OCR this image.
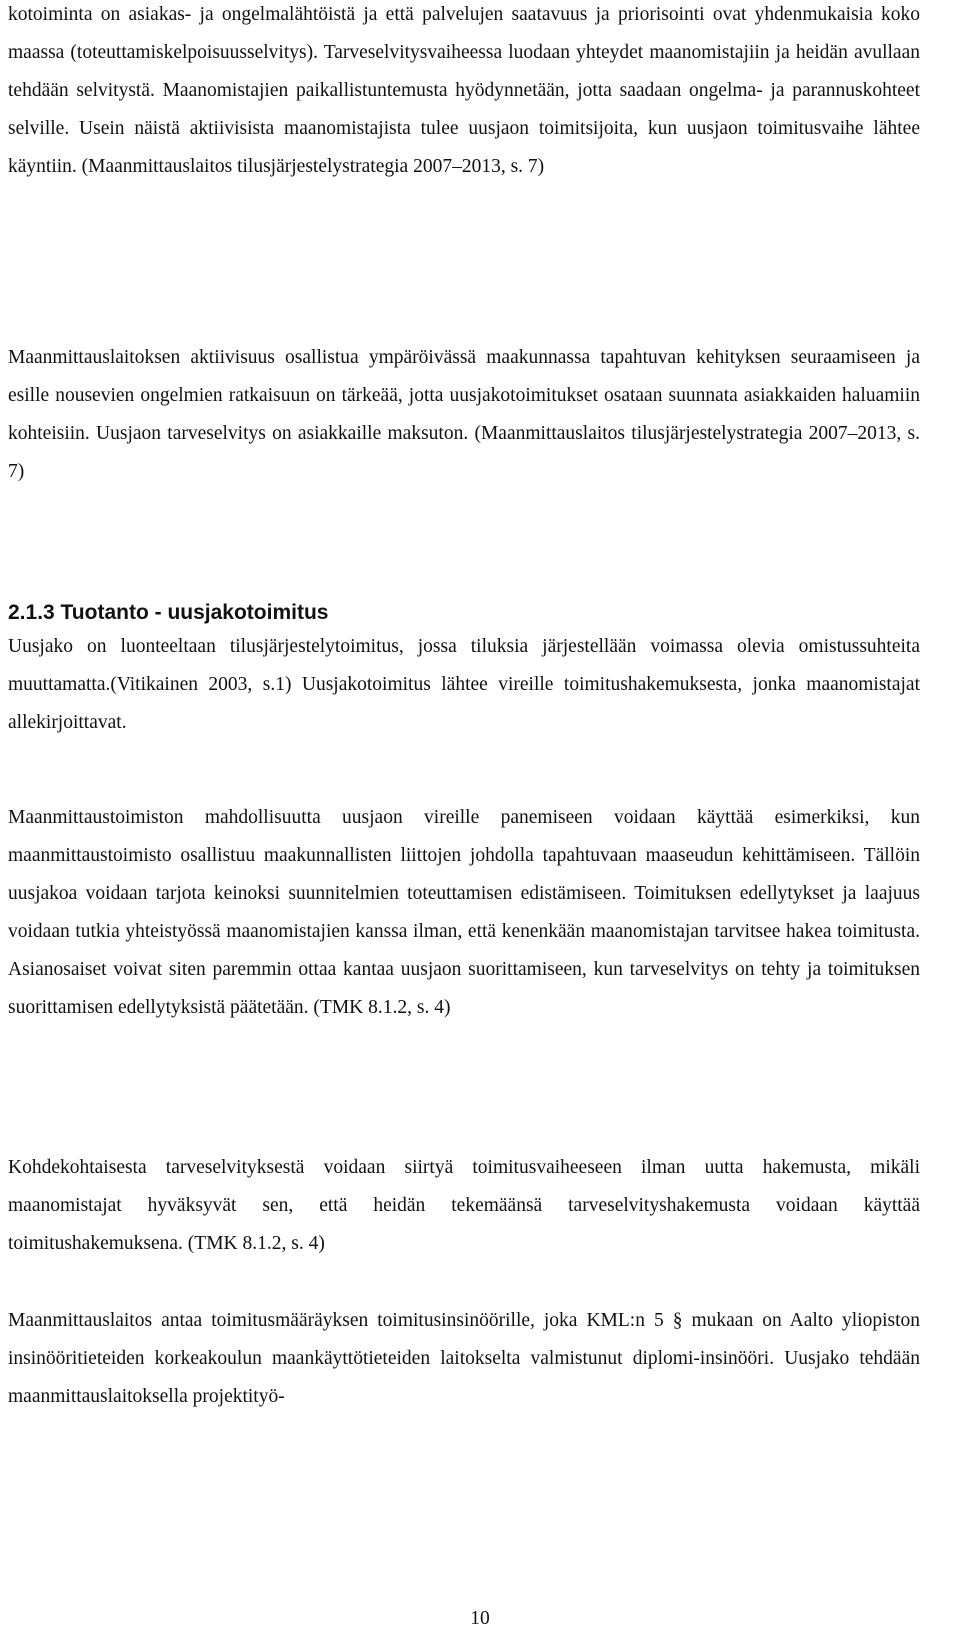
kotoiminta on asiakas- ja ongelmalähtöistä ja että palvelujen saatavuus ja priorisointi ovat yhdenmukaisia koko maassa (toteuttamiskelpoisuusselvitys). Tarveselvitysvaiheessa luodaan yhteydet maanomistajiin ja heidän avullaan tehdään selvitystä. Maanomistajien paikallistuntemusta hyödynnetään, jotta saadaan ongelma- ja parannuskohteet selville. Usein näistä aktiivisista maanomistajista tulee uusjaon toimitsijoita, kun uusjaon toimitusvaihe lähtee käyntiin. (Maanmittauslaitos tilusjärjestelystrategia 2007–2013, s. 7)

Maanmittauslaitoksen aktiivisuus osallistua ympäröivässä maakunnassa tapahtuvan kehityksen seuraamiseen ja esille nousevien ongelmien ratkaisuun on tärkeää, jotta uusjakotoimitukset osataan suunnata asiakkaiden haluamiin kohteisiin. Uusjaon tarveselvitys on asiakkaille maksuton. (Maanmittauslaitos tilusjärjestelystrategia 2007–2013, s. 7)

2.1.3 Tuotanto - uusjakotoimitus

Uusjako on luonteeltaan tilusjärjestelytoimitus, jossa tiluksia järjestellään voimassa olevia omistussuhteita muuttamatta.(Vitikainen 2003, s.1) Uusjakotoimitus lähtee vireille toimitushakemuksesta, jonka maanomistajat allekirjoittavat.

Maanmittaustoimiston mahdollisuutta uusjaon vireille panemiseen voidaan käyttää esimerkiksi, kun maanmittaustoimisto osallistuu maakunnallisten liittojen johdolla tapahtuvaan maaseudun kehittämiseen. Tällöin uusjakoa voidaan tarjota keinoksi suunnitelmien toteuttamisen edistämiseen. Toimituksen edellytykset ja laajuus voidaan tutkia yhteistyössä maanomistajien kanssa ilman, että kenenkään maanomistajan tarvitsee hakea toimitusta. Asianosaiset voivat siten paremmin ottaa kantaa uusjaon suorittamiseen, kun tarveselvitys on tehty ja toimituksen suorittamisen edellytyksistä päätetään. (TMK 8.1.2, s. 4)

Kohdekohtaisesta tarveselvityksestä voidaan siirtyä toimitusvaiheeseen ilman uutta hakemusta, mikäli maanomistajat hyväksyvät sen, että heidän tekemäänsä tarveselvityshakemusta voidaan käyttää toimitushakemuksena. (TMK 8.1.2, s. 4)

Maanmittauslaitos antaa toimitusmääräyksen toimitusinsinöörille, joka KML:n 5 § mukaan on Aalto yliopiston insinööritieteiden korkeakoulun maankäyttötieteiden laitokselta valmistunut diplomi-insinööri. Uusjako tehdään maanmittauslaitoksella projektityö-

10
